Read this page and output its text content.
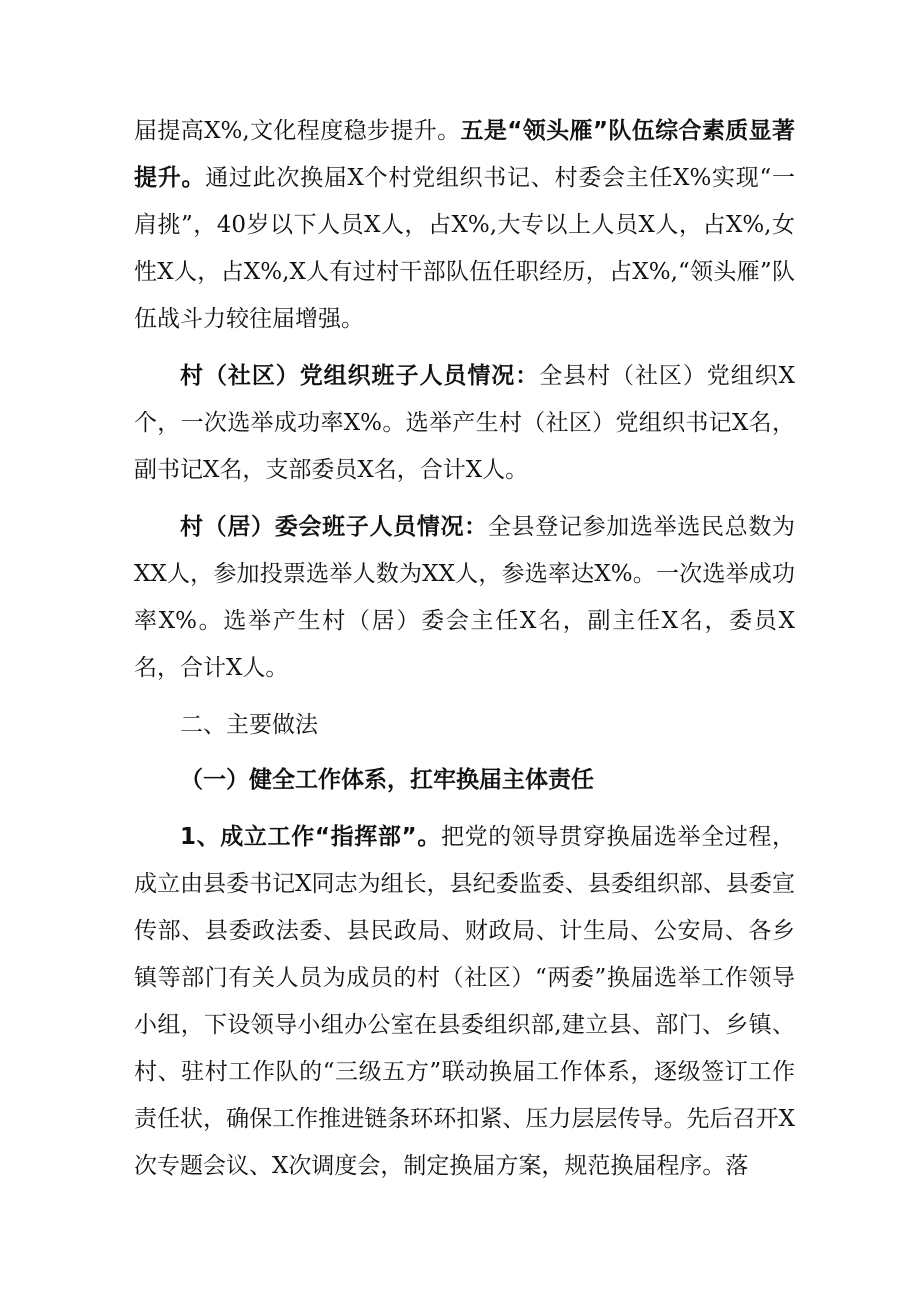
届提高X%,文化程度稳步提升。五是“领头雁”队伍综合素质显著提升。通过此次换届X个村党组织书记、村委会主任X%实现“一肩挑”，40岁以下人员X人，占X%,大专以上人员X人，占X%,女性X人，占X%,X人有过村干部队伍任职经历，占X%,“领头雁”队伍战斗力较往届增强。

村（社区）党组织班子人员情况：全县村（社区）党组织X个，一次选举成功率X%。选举产生村（社区）党组织书记X名，副书记X名，支部委员X名，合计X人。

村（居）委会班子人员情况：全县登记参加选举选民总数为XX人，参加投票选举人数为XX人，参选率达X%。一次选举成功率X%。选举产生村（居）委会主任X名，副主任X名，委员X名，合计X人。

二、主要做法

（一）健全工作体系，扛牢换届主体责任

1、成立工作“指挥部”。把党的领导贯穿换届选举全过程，成立由县委书记X同志为组长，县纪委监委、县委组织部、县委宣传部、县委政法委、县民政局、财政局、计生局、公安局、各乡镇等部门有关人员为成员的村（社区）“两委”换届选举工作领导小组，下设领导小组办公室在县委组织部,建立县、部门、乡镇、村、驻村工作队的“三级五方”联动换届工作体系，逐级签订工作责任状，确保工作推进链条环环扣紧、压力层层传导。先后召开X次专题会议、X次调度会，制定换届方案，规范换届程序。落
